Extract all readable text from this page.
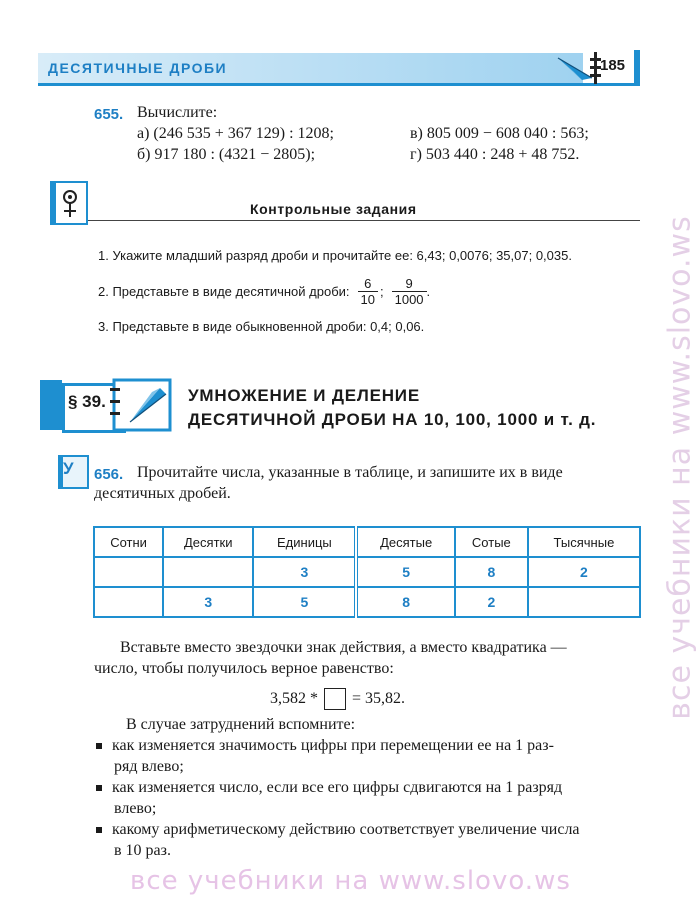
ДЕСЯТИЧНЫЕ ДРОБИ	185
655. Вычислите:
а) (246 535 + 367 129) : 1208;
б) 917 180 : (4321 − 2805);
в) 805 009 − 608 040 : 563;
г) 503 440 : 248 + 48 752.
Контрольные задания
1. Укажите младший разряд дроби и прочитайте ее: 6,43; 0,0076; 35,07; 0,035.
2. Представьте в виде десятичной дроби: $\frac{6}{10}$ ; $\frac{9}{1000}$ .
3. Представьте в виде обыкновенной дроби: 0,4; 0,06.
§ 39.	УМНОЖЕНИЕ И ДЕЛЕНИЕ
ДЕСЯТИЧНОЙ ДРОБИ НА 10, 100, 1000 и т. д.
У 656. Прочитайте числа, указанные в таблице, и запишите их в виде
десятичных дробей.
Сотни	Десятки	Единицы	Десятые	Сотые	Тысячные
		3	5	8	2
	3	5	8	2	
Вставьте вместо звездочки знак действия, а вместо квадратика —
число, чтобы получилось верное равенство:
3,582 * = 35,82.
В случае затруднений вспомните:
как изменяется значимость цифры при перемещении ее на 1 раз-
ряд влево;
как изменяется число, если все его цифры сдвигаются на 1 разряд
влево;
какому арифметическому действию соответствует увеличение числа
в 10 раз.
все учебники на www.slovo.ws
все учебники на www.slovo.ws
